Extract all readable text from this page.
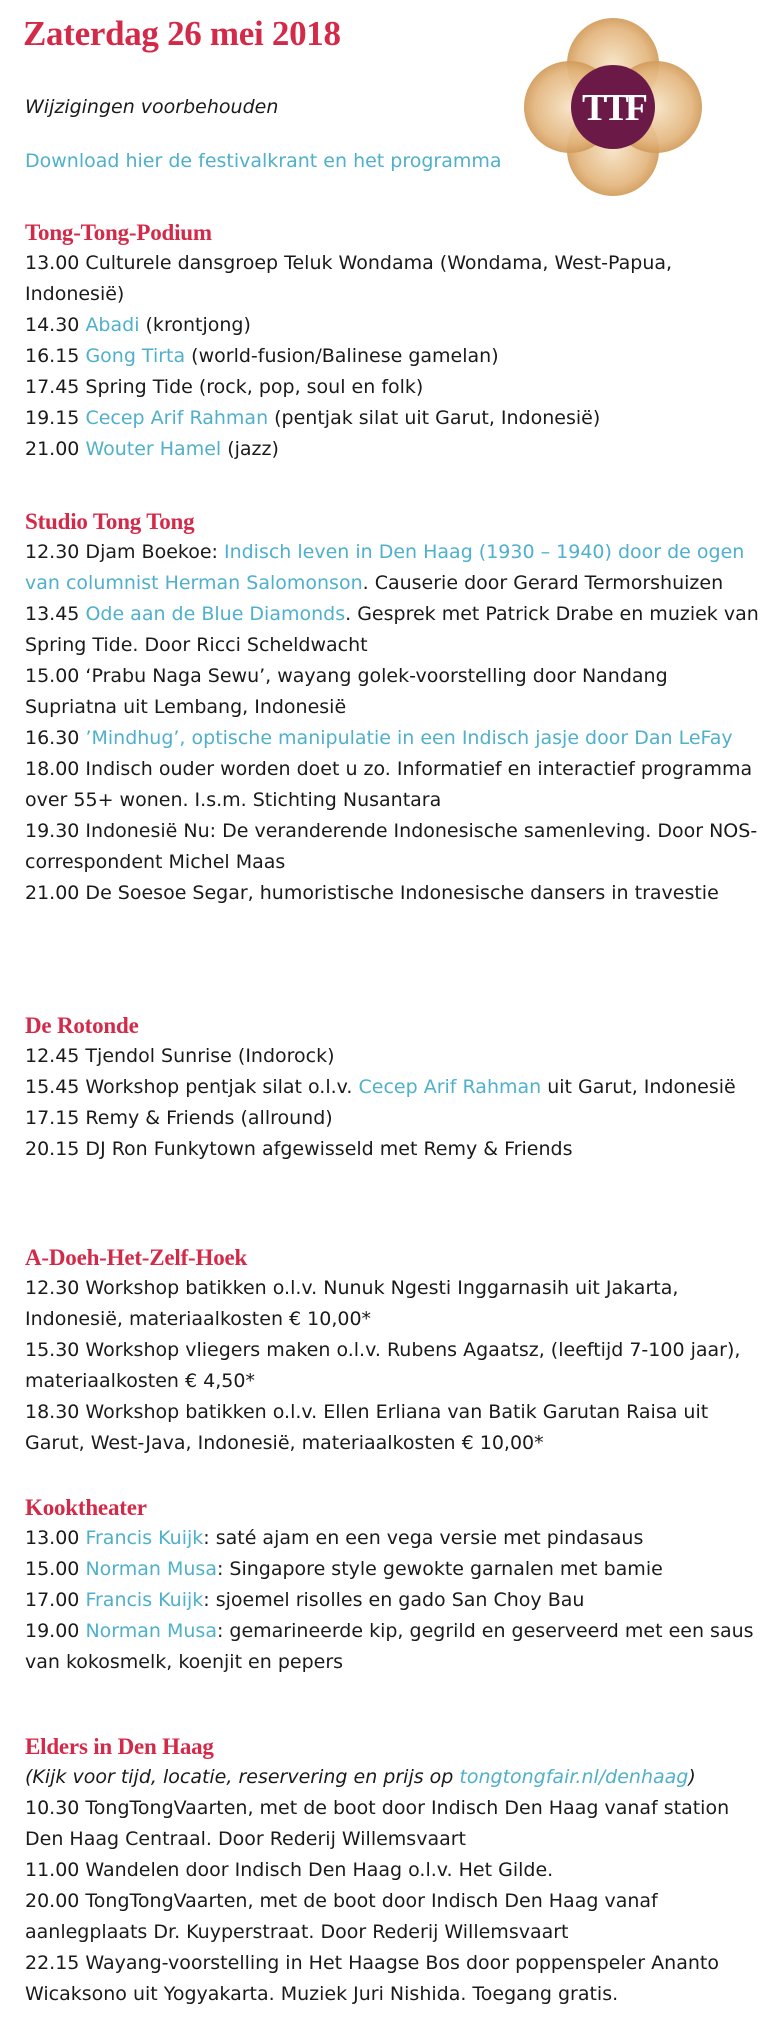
Zaterdag 26 mei 2018
Wijzigingen voorbehouden
Download hier de festivalkrant en het programma
TTF
Tong-Tong-Podium
13.00 Culturele dansgroep Teluk Wondama (Wondama, West-Papua, Indonesië)
14.30 Abadi (krontjong)
16.15 Gong Tirta (world-fusion/Balinese gamelan)
17.45 Spring Tide (rock, pop, soul en folk)
19.15 Cecep Arif Rahman (pentjak silat uit Garut, Indonesië)
21.00 Wouter Hamel (jazz)
Studio Tong Tong
12.30 Djam Boekoe: Indisch leven in Den Haag (1930 – 1940) door de ogen van columnist Herman Salomonson. Causerie door Gerard Termorshuizen
13.45 Ode aan de Blue Diamonds. Gesprek met Patrick Drabe en muziek van Spring Tide. Door Ricci Scheldwacht
15.00 ‘Prabu Naga Sewu’, wayang golek-voorstelling door Nandang Supriatna uit Lembang, Indonesië
16.30 ’Mindhug’, optische manipulatie in een Indisch jasje door Dan LeFay
18.00 Indisch ouder worden doet u zo. Informatief en interactief programma over 55+ wonen. I.s.m. Stichting Nusantara
19.30 Indonesië Nu: De veranderende Indonesische samenleving. Door NOS-correspondent Michel Maas
21.00 De Soesoe Segar, humoristische Indonesische dansers in travestie
De Rotonde
12.45 Tjendol Sunrise (Indorock)
15.45 Workshop pentjak silat o.l.v. Cecep Arif Rahman uit Garut, Indonesië
17.15 Remy & Friends (allround)
20.15 DJ Ron Funkytown afgewisseld met Remy & Friends
A-Doeh-Het-Zelf-Hoek
12.30 Workshop batikken o.l.v. Nunuk Ngesti Inggarnasih uit Jakarta, Indonesië, materiaalkosten € 10,00*
15.30 Workshop vliegers maken o.l.v. Rubens Agaatsz, (leeftijd 7-100 jaar), materiaalkosten € 4,50*
18.30 Workshop batikken o.l.v. Ellen Erliana van Batik Garutan Raisa uit Garut, West-Java, Indonesië, materiaalkosten € 10,00*
Kooktheater
13.00 Francis Kuijk: saté ajam en een vega versie met pindasaus
15.00 Norman Musa: Singapore style gewokte garnalen met bamie
17.00 Francis Kuijk: sjoemel risolles en gado San Choy Bau
19.00 Norman Musa: gemarineerde kip, gegrild en geserveerd met een saus van kokosmelk, koenjit en pepers
Elders in Den Haag
(Kijk voor tijd, locatie, reservering en prijs op tongtongfair.nl/denhaag)
10.30 TongTongVaarten, met de boot door Indisch Den Haag vanaf station Den Haag Centraal. Door Rederij Willemsvaart
11.00 Wandelen door Indisch Den Haag o.l.v. Het Gilde.
20.00 TongTongVaarten, met de boot door Indisch Den Haag vanaf aanlegplaats Dr. Kuyperstraat. Door Rederij Willemsvaart
22.15 Wayang-voorstelling in Het Haagse Bos door poppenspeler Ananto Wicaksono uit Yogyakarta. Muziek Juri Nishida. Toegang gratis.
